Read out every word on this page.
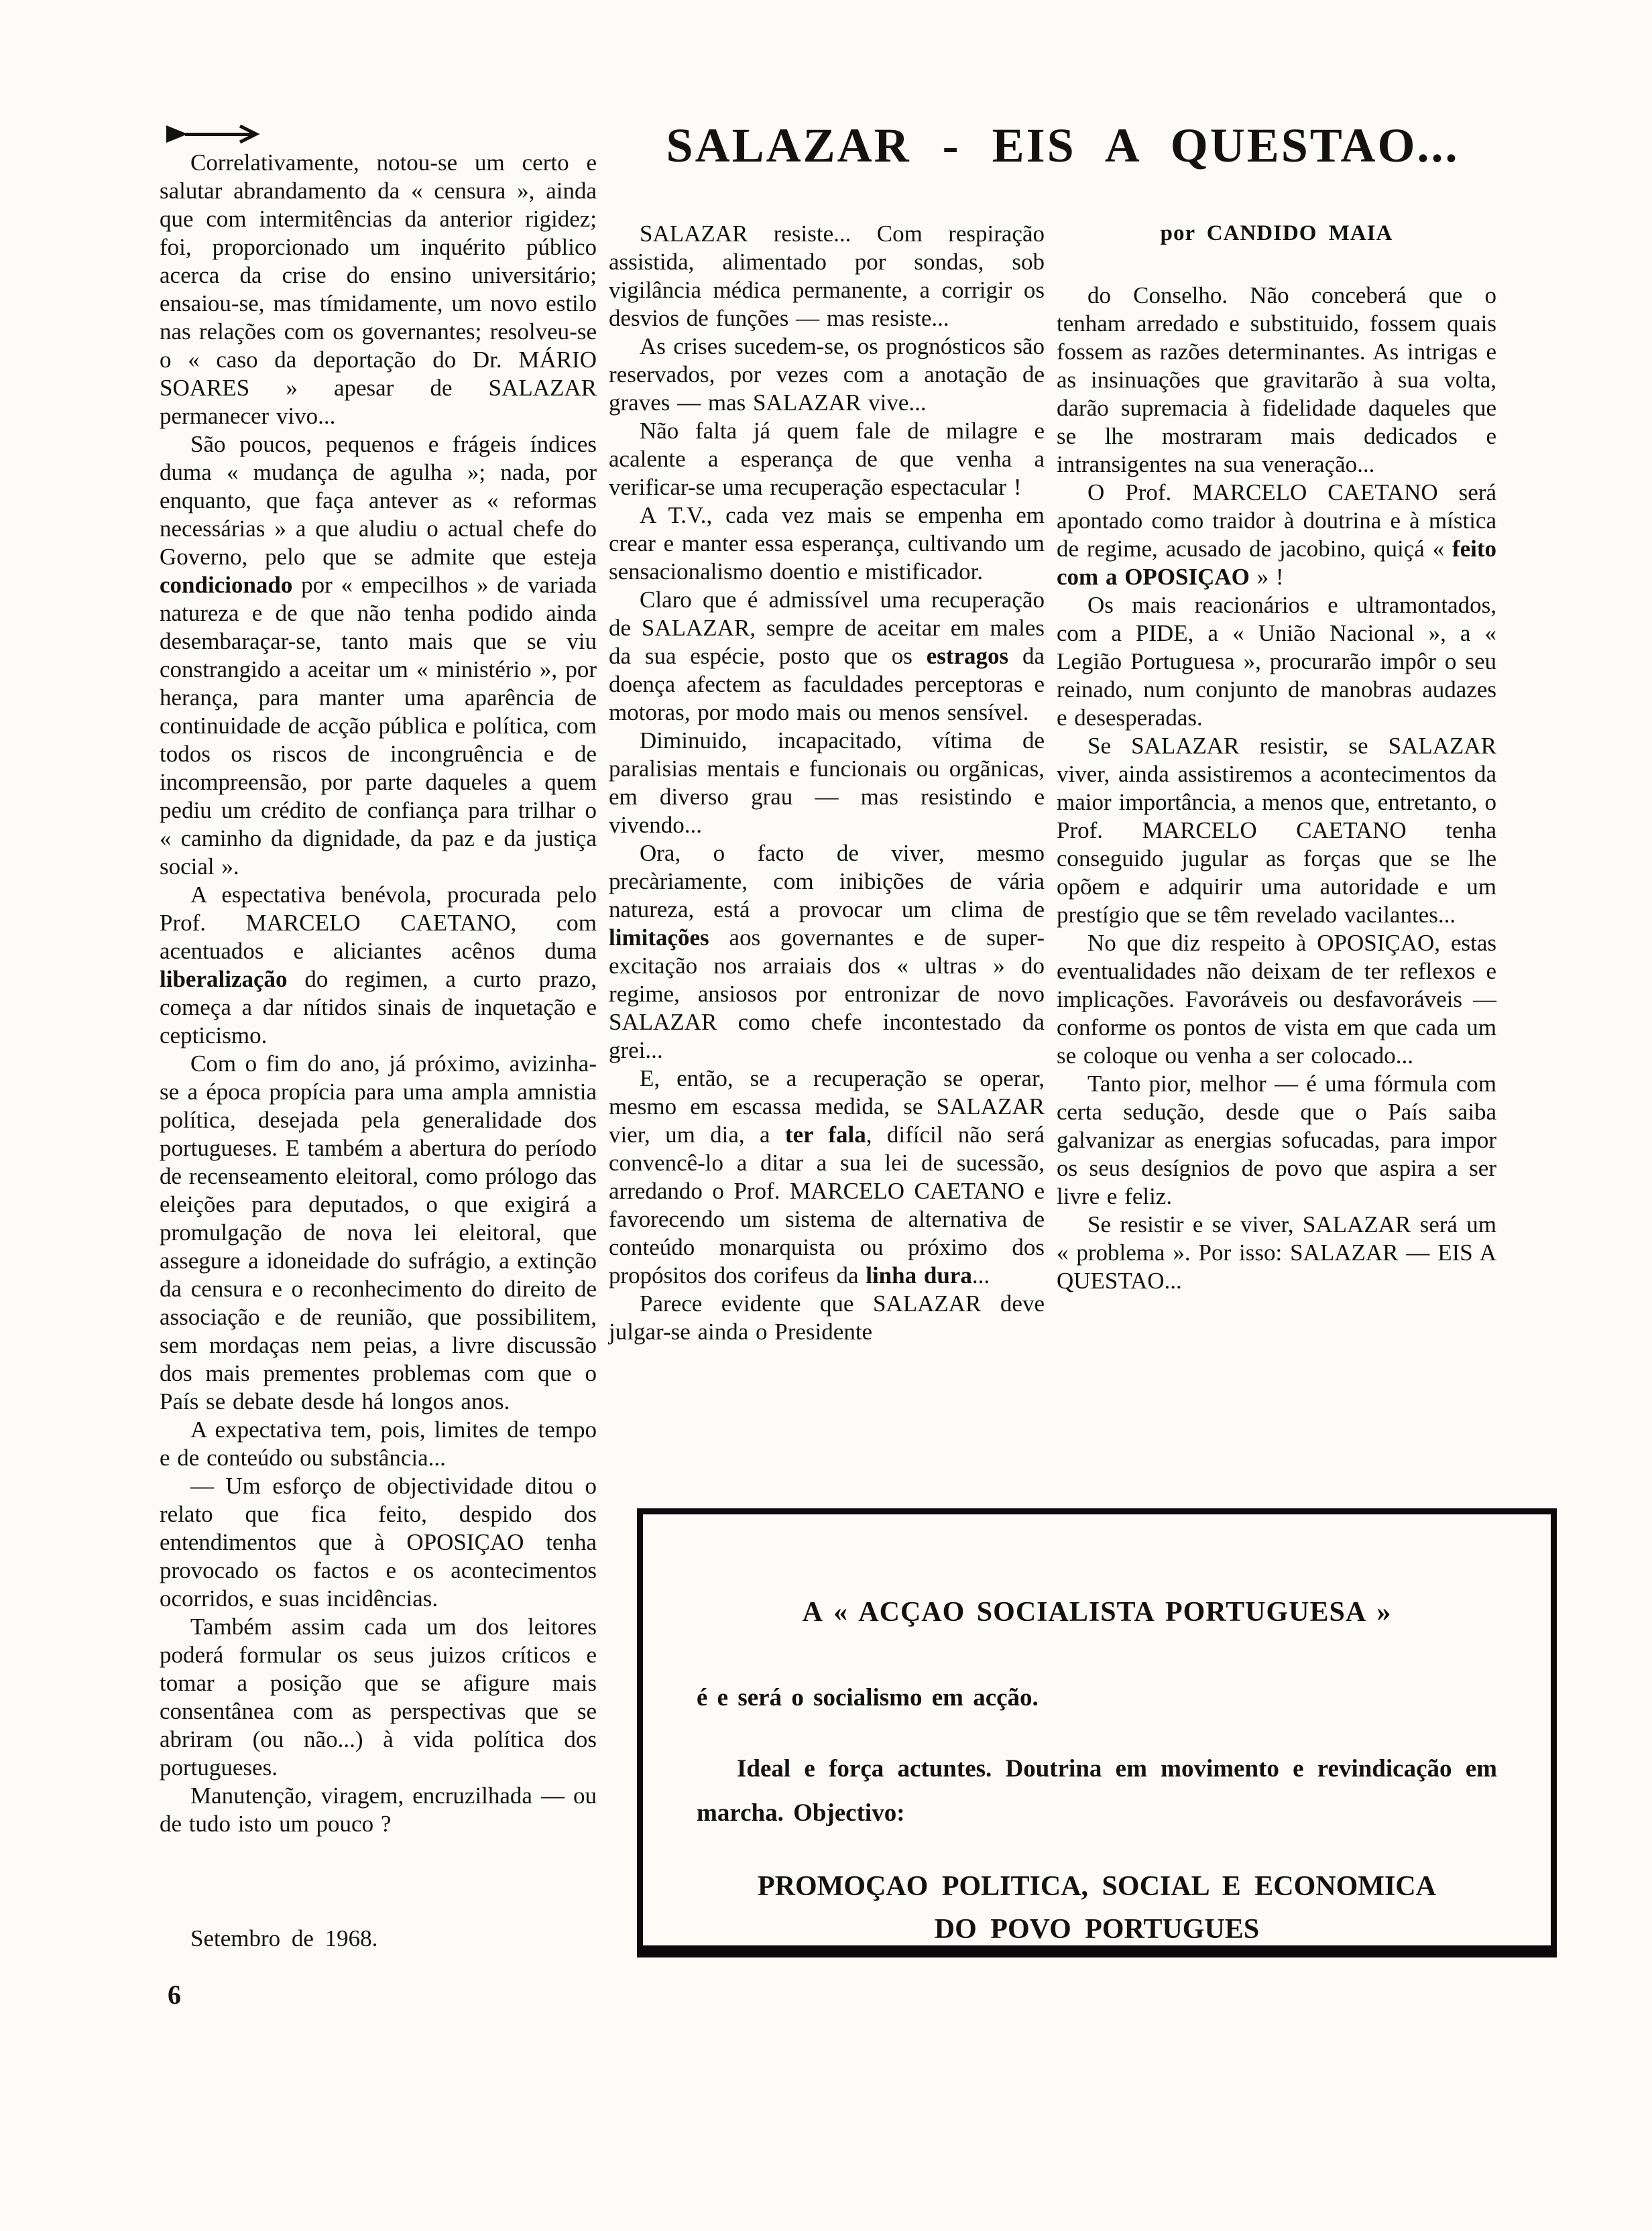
SALAZAR - EIS A QUESTAO...
por CANDIDO MAIA

Correlativamente, notou-se um certo e salutar abrandamento da « censura », ainda que com intermitências da anterior rigidez; foi, proporcionado um inquérito público acerca da crise do ensino universitário; ensaiou-se, mas tímidamente, um novo estilo nas relações com os governantes; resolveu-se o « caso da deportação do Dr. MÁRIO SOARES » apesar de SALAZAR permanecer vivo...

São poucos, pequenos e frágeis índices duma « mudança de agulha »; nada, por enquanto, que faça antever as « reformas necessárias » a que aludiu o actual chefe do Governo, pelo que se admite que esteja condicionado por « empecilhos » de variada natureza e de que não tenha podido ainda desembaraçar-se, tanto mais que se viu constrangido a aceitar um « ministério », por herança, para manter uma aparência de continuidade de acção pública e política, com todos os riscos de incongruência e de incompreensão, por parte daqueles a quem pediu um crédito de confiança para trilhar o « caminho da dignidade, da paz e da justiça social ».

A espectativa benévola, procurada pelo Prof. MARCELO CAETANO, com acentuados e aliciantes acênos duma liberalização do regimen, a curto prazo, começa a dar nítidos sinais de inquetação e cepticismo.

Com o fim do ano, já próximo, avizinha-se a época propícia para uma ampla amnistia política, desejada pela generalidade dos portugueses. E também a abertura do período de recenseamento eleitoral, como prólogo das eleições para deputados, o que exigirá a promulgação de nova lei eleitoral, que assegure a idoneidade do sufrágio, a extinção da censura e o reconhecimento do direito de associação e de reunião, que possibilitem, sem mordaças nem peias, a livre discussão dos mais prementes problemas com que o País se debate desde há longos anos.

A expectativa tem, pois, limites de tempo e de conteúdo ou substância...

— Um esforço de objectividade ditou o relato que fica feito, despido dos entendimentos que à OPOSIÇAO tenha provocado os factos e os acontecimentos ocorridos, e suas incidências.

Também assim cada um dos leitores poderá formular os seus juizos críticos e tomar a posição que se afigure mais consentânea com as perspectivas que se abriram (ou não...) à vida política dos portugueses.

Manutenção, viragem, encruzilhada — ou de tudo isto um pouco ?

SALAZAR resiste... Com respiração assistida, alimentado por sondas, sob vigilância médica permanente, a corrigir os desvios de funções — mas resiste...

As crises sucedem-se, os prognósticos são reservados, por vezes com a anotação de graves — mas SALAZAR vive...

Não falta já quem fale de milagre e acalente a esperança de que venha a verificar-se uma recuperação espectacular !

A T.V., cada vez mais se empenha em crear e manter essa esperança, cultivando um sensacionalismo doentio e mistificador.

Claro que é admissível uma recuperação de SALAZAR, sempre de aceitar em males da sua espécie, posto que os estragos da doença afectem as faculdades perceptoras e motoras, por modo mais ou menos sensível.

Diminuido, incapacitado, vítima de paralisias mentais e funcionais ou orgãnicas, em diverso grau — mas resistindo e vivendo...

Ora, o facto de viver, mesmo precàriamente, com inibições de vária natureza, está a provocar um clima de limitações aos governantes e de super-excitação nos arraiais dos « ultras » do regime, ansiosos por entronizar de novo SALAZAR como chefe incontestado da grei...

E, então, se a recuperação se operar, mesmo em escassa medida, se SALAZAR vier, um dia, a ter fala, difícil não será convencê-lo a ditar a sua lei de sucessão, arredando o Prof. MARCELO CAETANO e favorecendo um sistema de alternativa de conteúdo monarquista ou próximo dos propósitos dos corifeus da linha dura...

Parece evidente que SALAZAR deve julgar-se ainda o Presidente

do Conselho. Não conceberá que o tenham arredado e substituido, fossem quais fossem as razões determinantes. As intrigas e as insinuações que gravitarão à sua volta, darão supremacia à fidelidade daqueles que se lhe mostraram mais dedicados e intransigentes na sua veneração...

O Prof. MARCELO CAETANO será apontado como traidor à doutrina e à mística de regime, acusado de jacobino, quiçá « feito com a OPOSIÇAO » !

Os mais reacionários e ultramontados, com a PIDE, a « União Nacional », a « Legião Portuguesa », procurarão impôr o seu reinado, num conjunto de manobras audazes e desesperadas.

Se SALAZAR resistir, se SALAZAR viver, ainda assistiremos a acontecimentos da maior importância, a menos que, entretanto, o Prof. MARCELO CAETANO tenha conseguido jugular as forças que se lhe opõem e adquirir uma autoridade e um prestígio que se têm revelado vacilantes...

No que diz respeito à OPOSIÇAO, estas eventualidades não deixam de ter reflexos e implicações. Favoráveis ou desfavoráveis — conforme os pontos de vista em que cada um se coloque ou venha a ser colocado...

Tanto pior, melhor — é uma fórmula com certa sedução, desde que o País saiba galvanizar as energias sofucadas, para impor os seus desígnios de povo que aspira a ser livre e feliz.

Se resistir e se viver, SALAZAR será um « problema ». Por isso: SALAZAR — EIS A QUESTAO...

Setembro de 1968.
6
A « ACÇAO SOCIALISTA PORTUGUESA »
é e será o socialismo em acção.
Ideal e força actuntes. Doutrina em movimento e revindicação em marcha. Objectivo:
PROMOÇAO POLITICA, SOCIAL E ECONOMICA
DO POVO PORTUGUES
